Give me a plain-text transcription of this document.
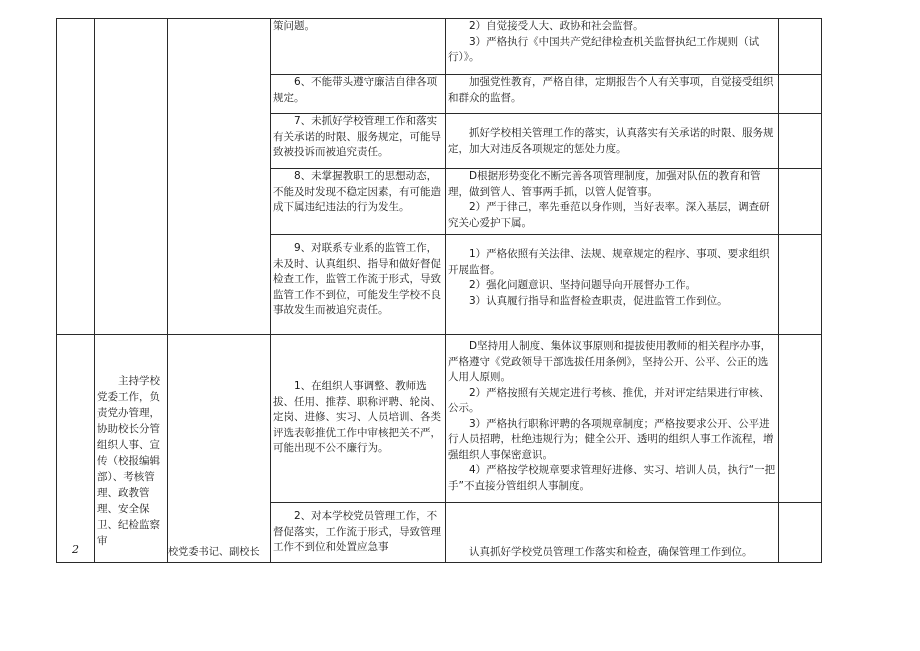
			策问题。	2）自觉接受人大、政协和社会监督。
3）严格执行《中国共产党纪律检查机关监督执纪工作规则（试行）》。	

			6、不能带头遵守廉洁自律各项规定。	加强党性教育，严格自律，定期报告个人有关事项，自觉接受组织和群众的监督。	
			7、未抓好学校管理工作和落实有关承诺的时限、服务规定，可能导致被投诉而被追究责任。	抓好学校相关管理工作的落实，认真落实有关承诺的时限、服务规定，加大对违反各项规定的惩处力度。	
			8、未掌握教职工的思想动态，不能及时发现不稳定因素，有可能造成下属违纪违法的行为发生。	D根据形势变化不断完善各项管理制度，加强对队伍的教育和管理，做到管人、管事两手抓，以管人促管事。
2）严于律己，率先垂范以身作则，当好表率。深入基层，调查研究关心爱护下属。	

			9、对联系专业系的监管工作，未及时、认真组织、指导和做好督促检查工作，监管工作流于形式，导致监管工作不到位，可能发生学校不良事故发生而被追究责任。	1）严格依照有关法律、法规、规章规定的程序、事项、要求组织开展监督。
2）强化问题意识、坚持问题导向开展督办工作。
3）认真履行指导和监督检查职责，促进监管工作到位。	

2	主持学校党委工作，负责党办管理，协助校长分管组织人事、宣传（校报编辑部）、考核管理、政教管理、安全保卫、纪检监察审	校党委书记、副校长	1、在组织人事调整、教师选拔、任用、推荐、职称评聘、轮岗、定岗、进修、实习、人员培训、各类评选表彰推优工作中审核把关不严，可能出现不公不廉行为。	D坚持用人制度、集体议事原则和提拔使用教师的相关程序办事，严格遵守《党政领导干部选拔任用条例》，坚持公开、公平、公正的选人用人原则。
2）严格按照有关规定进行考核、推优，并对评定结果进行审核、公示。
3）严格执行职称评聘的各项规章制度；严格按要求公开、公平进行人员招聘，杜绝违规行为；健全公开、透明的组织人事工作流程，增强组织人事保密意识。
4）严格按学校规章要求管理好进修、实习、培训人员，执行“一把手”不直接分管组织人事制度。	

			2、对本学校党员管理工作，不督促落实，工作流于形式，导致管理工作不到位和处置应急事	认真抓好学校党员管理工作落实和检查，确保管理工作到位。	
